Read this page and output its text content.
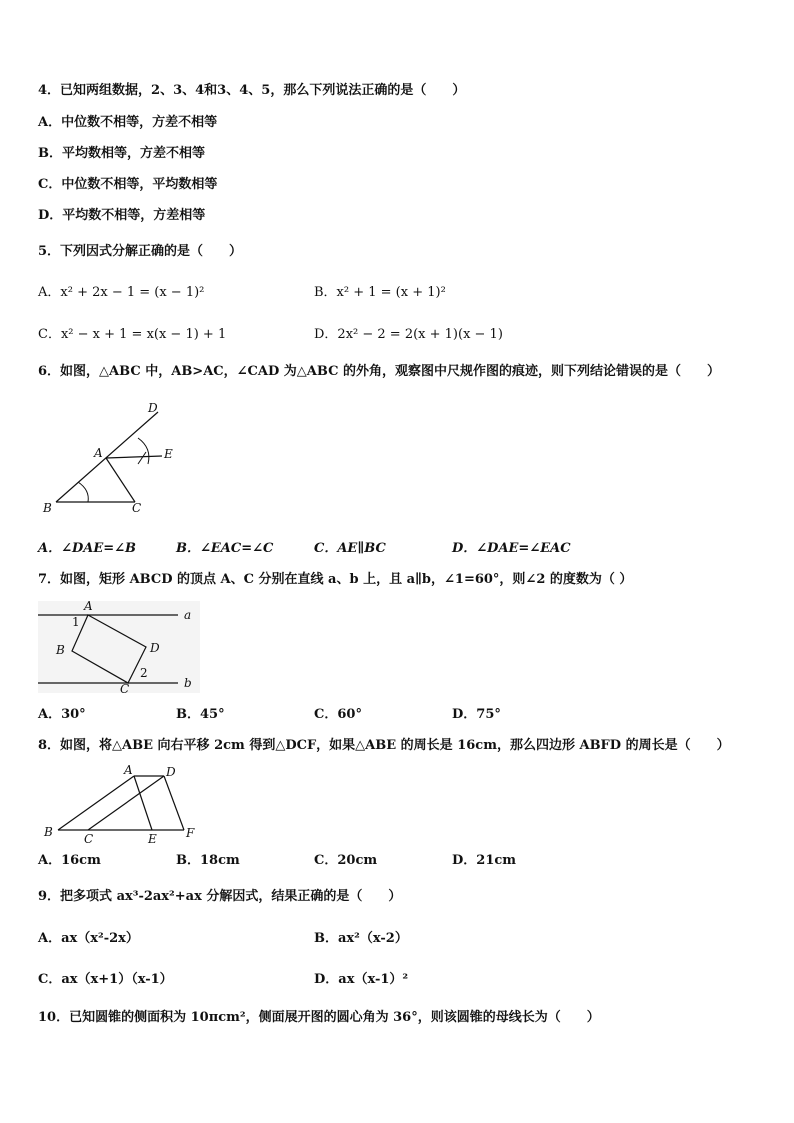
4．已知两组数据，2、3、4和3、4、5，那么下列说法正确的是（　　）
A．中位数不相等，方差不相等
B．平均数相等，方差不相等
C．中位数不相等，平均数相等
D．平均数不相等，方差相等
5．下列因式分解正确的是（　　）
A．x² + 2x − 1 = (x − 1)²	B．x² + 1 = (x + 1)²
C．x² − x + 1 = x(x − 1) + 1	D．2x² − 2 = 2(x + 1)(x − 1)
6．如图，△ABC 中，AB>AC，∠CAD 为△ABC 的外角，观察图中尺规作图的痕迹，则下列结论错误的是（　　）
D
A	E
B	C
A．∠DAE=∠B	B．∠EAC=∠C	C．AE∥BC	D．∠DAE=∠EAC
7．如图，矩形 ABCD 的顶点 A、C 分别在直线 a、b 上，且 a∥b，∠1=60°，则∠2 的度数为（ ）
A
a
1
B	D
2
C	b
A．30°	B．45°	C．60°	D．75°
8．如图，将△ABE 向右平移 2cm 得到△DCF，如果△ABE 的周长是 16cm，那么四边形 ABFD 的周长是（　　）
A	D
B	C	E F
A．16cm	B．18cm	C．20cm	D．21cm
9．把多项式 ax³-2ax²+ax 分解因式，结果正确的是（　　）
A．ax（x²-2x）	B．ax²（x-2）
C．ax（x+1）（x-1）	D．ax（x-1）²
10．已知圆锥的侧面积为 10πcm²，侧面展开图的圆心角为 36°，则该圆锥的母线长为（　　）
